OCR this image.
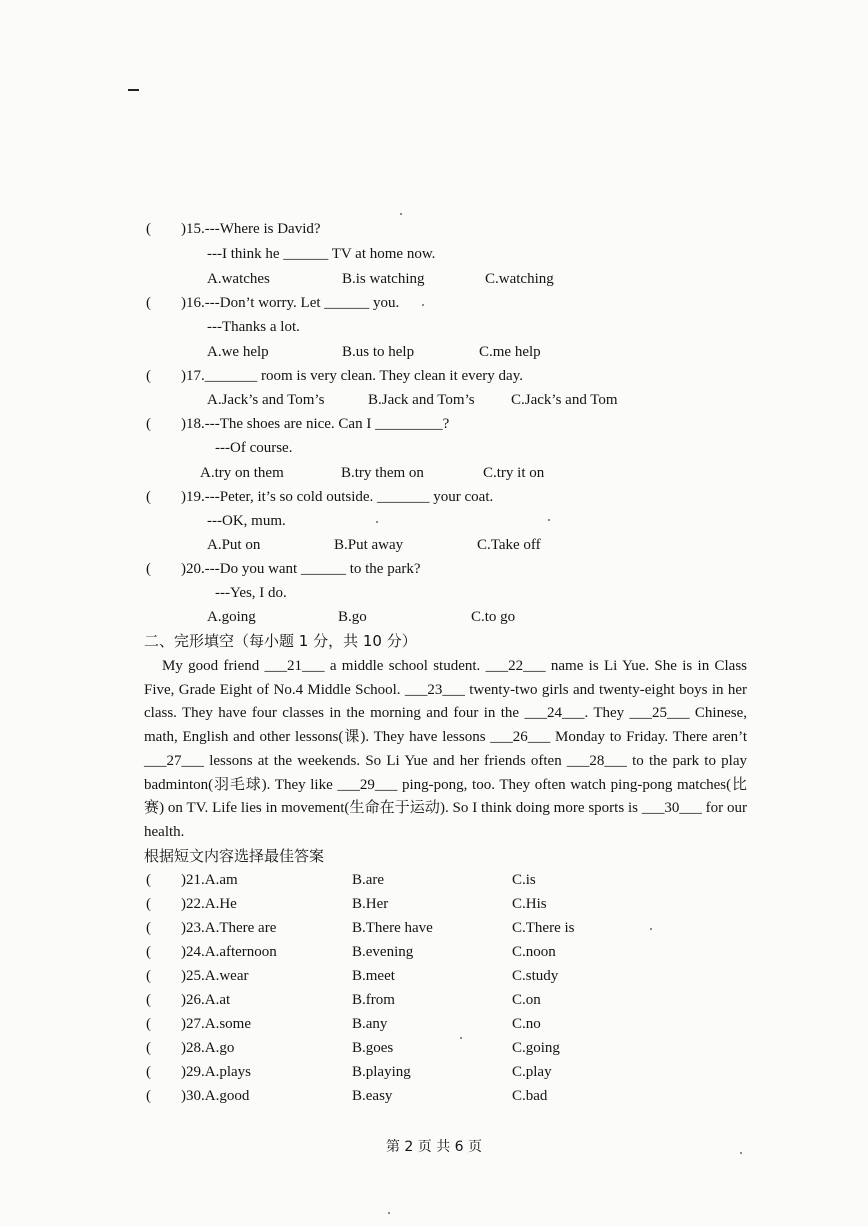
( )15.---Where is David?
---I think he ______ TV at home now.
A.watches	B.is watching	C.watching
( )16.---Don’t worry. Let ______ you.
---Thanks a lot.
A.we help	B.us to help	C.me help
( )17._______ room is very clean. They clean it every day.
A.Jack’s and Tom’s	B.Jack and Tom’s C.Jack’s and Tom
( )18.---The shoes are nice. Can I _________?
---Of course.
A.try on them	B.try them on	C.try it on
( )19.---Peter, it’s so cold outside. _______ your coat.
---OK, mum.
A.Put on	B.Put away	C.Take off
( )20.---Do you want ______ to the park?
---Yes, I do.
A.going	B.go	C.to go
二、完形填空（每小题 1 分，共 10 分）

My good friend ___21___ a middle school student. ___22___ name is Li Yue. She is in Class Five, Grade Eight of No.4 Middle School. ___23___ twenty-two girls and twenty-eight boys in her class. They have four classes in the morning and four in the ___24___. They ___25___ Chinese, math, English and other lessons(课). They have lessons ___26___ Monday to Friday. There aren’t ___27___ lessons at the weekends. So Li Yue and her friends often ___28___ to the park to play badminton(羽毛球). They like ___29___ ping-pong, too. They often watch ping-pong matches(比赛) on TV. Life lies in movement(生命在于运动). So I think doing more sports is ___30___ for our health.

根据短文内容选择最佳答案
( )21.A.am	B.are	C.is
( )22.A.He	B.Her	C.His
( )23.A.There are	B.There have	C.There is
( )24.A.afternoon	B.evening	C.noon
( )25.A.wear	B.meet	C.study
( )26.A.at	B.from	C.on
( )27.A.some	B.any	C.no
( )28.A.go	B.goes	C.going
( )29.A.plays	B.playing	C.play
( )30.A.good	B.easy	C.bad
第 2 页 共 6 页
